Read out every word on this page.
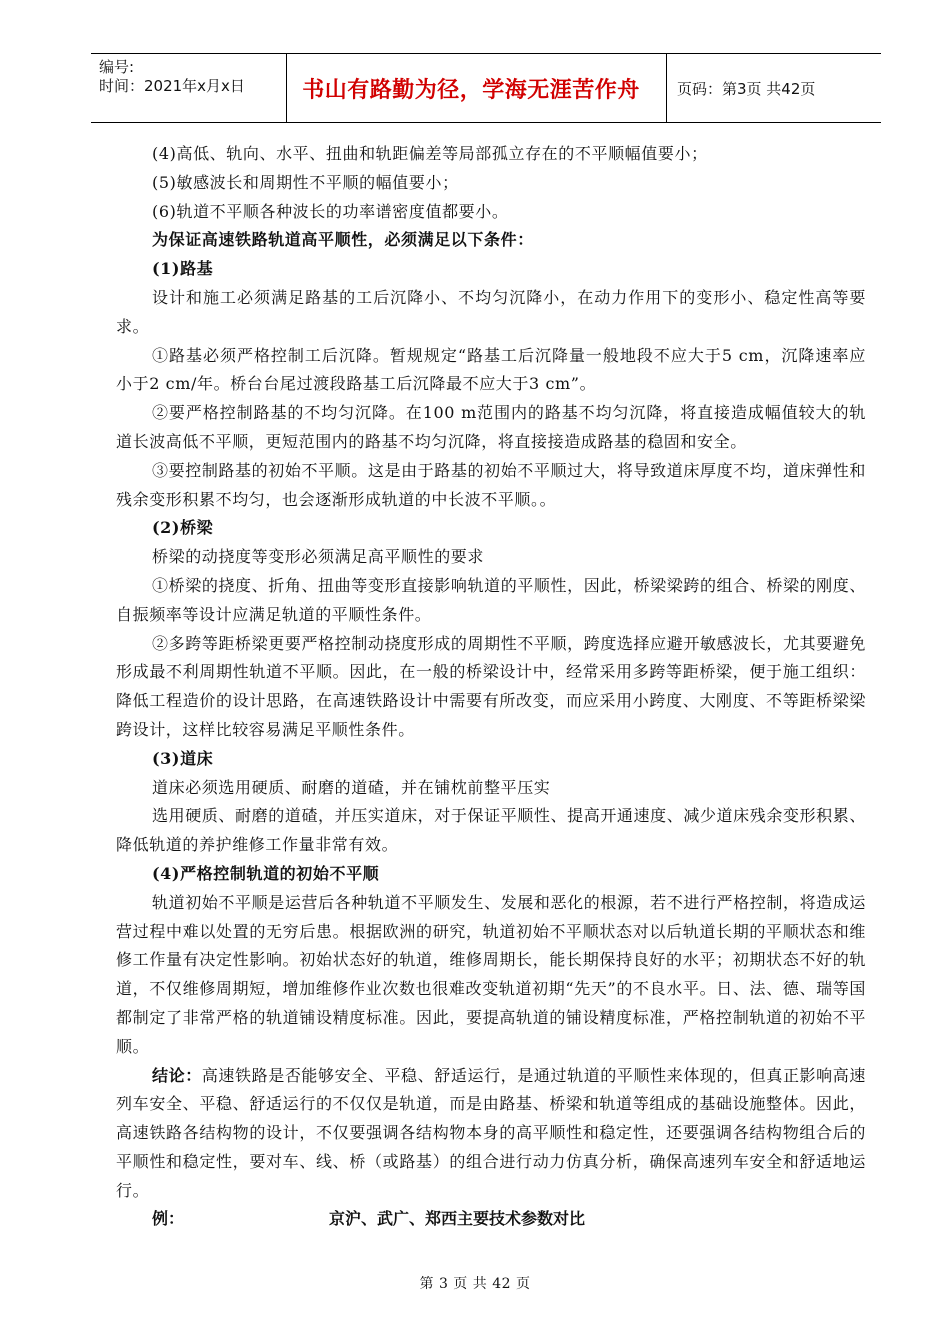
编号:
时间：2021年x月x日	书山有路勤为径，学海无涯苦作舟	页码：第3页 共42页

(4)高低、轨向、水平、扭曲和轨距偏差等局部孤立存在的不平顺幅值要小；

(5)敏感波长和周期性不平顺的幅值要小；

(6)轨道不平顺各种波长的功率谱密度值都要小。

为保证高速铁路轨道高平顺性，必须满足以下条件：

(1)路基

设计和施工必须满足路基的工后沉降小、不均匀沉降小，在动力作用下的变形小、稳定性高等要求。

①路基必须严格控制工后沉降。暂规规定“路基工后沉降量一般地段不应大于5 cm，沉降速率应小于2 cm/年。桥台台尾过渡段路基工后沉降最不应大于3 cm”。

②要严格控制路基的不均匀沉降。在100 m范围内的路基不均匀沉降，将直接造成幅值较大的轨道长波高低不平顺，更短范围内的路基不均匀沉降，将直接接造成路基的稳固和安全。

③要控制路基的初始不平顺。这是由于路基的初始不平顺过大，将导致道床厚度不均，道床弹性和残余变形积累不均匀，也会逐渐形成轨道的中长波不平顺。。

(2)桥梁

桥梁的动挠度等变形必须满足高平顺性的要求

①桥梁的挠度、折角、扭曲等变形直接影响轨道的平顺性，因此，桥梁梁跨的组合、桥梁的刚度、自振频率等设计应满足轨道的平顺性条件。

②多跨等距桥梁更要严格控制动挠度形成的周期性不平顺，跨度选择应避开敏感波长，尤其要避免形成最不利周期性轨道不平顺。因此，在一般的桥梁设计中，经常采用多跨等距桥梁，便于施工组织：降低工程造价的设计思路，在高速铁路设计中需要有所改变，而应采用小跨度、大刚度、不等距桥梁梁跨设计，这样比较容易满足平顺性条件。

(3)道床

道床必须选用硬质、耐磨的道碴，并在铺枕前整平压实

选用硬质、耐磨的道碴，并压实道床，对于保证平顺性、提高开通速度、减少道床残余变形积累、降低轨道的养护维修工作量非常有效。

(4)严格控制轨道的初始不平顺

轨道初始不平顺是运营后各种轨道不平顺发生、发展和恶化的根源，若不进行严格控制，将造成运营过程中难以处置的无穷后患。根据欧洲的研究，轨道初始不平顺状态对以后轨道长期的平顺状态和维修工作量有决定性影响。初始状态好的轨道，维修周期长，能长期保持良好的水平；初期状态不好的轨道，不仅维修周期短，增加维修作业次数也很难改变轨道初期“先天”的不良水平。日、法、德、瑞等国都制定了非常严格的轨道铺设精度标准。因此，要提高轨道的铺设精度标准，严格控制轨道的初始不平顺。

结论：高速铁路是否能够安全、平稳、舒适运行，是通过轨道的平顺性来体现的，但真正影响高速列车安全、平稳、舒适运行的不仅仅是轨道，而是由路基、桥梁和轨道等组成的基础设施整体。因此，高速铁路各结构物的设计，不仅要强调各结构物本身的高平顺性和稳定性，还要强调各结构物组合后的平顺性和稳定性，要对车、线、桥（或路基）的组合进行动力仿真分析，确保高速列车安全和舒适地运行。

例：	京沪、武广、郑西主要技术参数对比
第 3 页 共 42 页
